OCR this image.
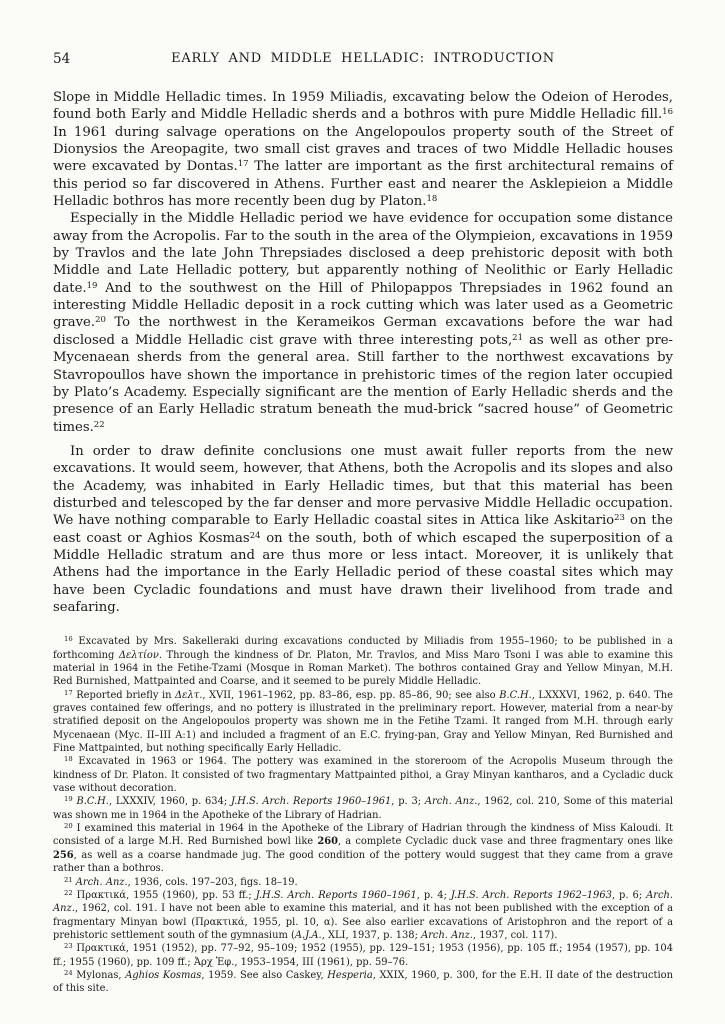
54	EARLY AND MIDDLE HELLADIC: INTRODUCTION

Slope in Middle Helladic times. In 1959 Miliadis, excavating below the Odeion of Herodes, found both Early and Middle Helladic sherds and a bothros with pure Middle Helladic fill.$^{16}$ In 1961 during salvage operations on the Angelopoulos property south of the Street of Dionysios the Areopagite, two small cist graves and traces of two Middle Helladic houses were excavated by Dontas.$^{17}$ The latter are important as the first architectural remains of this period so far discovered in Athens. Further east and nearer the Asklepieion a Middle Helladic bothros has more recently been dug by Platon.$^{18}$

Especially in the Middle Helladic period we have evidence for occupation some distance away from the Acropolis. Far to the south in the area of the Olympieion, excavations in 1959 by Travlos and the late John Threpsiades disclosed a deep prehistoric deposit with both Middle and Late Helladic pottery, but apparently nothing of Neolithic or Early Helladic date.$^{19}$ And to the southwest on the Hill of Philopappos Threpsiades in 1962 found an interesting Middle Helladic deposit in a rock cutting which was later used as a Geometric grave.$^{20}$ To the northwest in the Kerameikos German excavations before the war had disclosed a Middle Helladic cist grave with three interesting pots,$^{21}$ as well as other pre-Mycenaean sherds from the general area. Still farther to the northwest excavations by Stavropoullos have shown the importance in prehistoric times of the region later occupied by Plato’s Academy. Especially significant are the mention of Early Helladic sherds and the presence of an Early Helladic stratum beneath the mud-brick “sacred house” of Geometric times.$^{22}$

In order to draw definite conclusions one must await fuller reports from the new excavations. It would seem, however, that Athens, both the Acropolis and its slopes and also the Academy, was inhabited in Early Helladic times, but that this material has been disturbed and telescoped by the far denser and more pervasive Middle Helladic occupation. We have nothing comparable to Early Helladic coastal sites in Attica like Askitario$^{23}$ on the east coast or Aghios Kosmas$^{24}$ on the south, both of which escaped the superposition of a Middle Helladic stratum and are thus more or less intact. Moreover, it is unlikely that Athens had the importance in the Early Helladic period of these coastal sites which may have been Cycladic foundations and must have drawn their livelihood from trade and seafaring.

$^{16}$ Excavated by Mrs. Sakelleraki during excavations conducted by Miliadis from 1955–1960; to be published in a forthcoming Δελτίον. Through the kindness of Dr. Platon, Mr. Travlos, and Miss Maro Tsoni I was able to examine this material in 1964 in the Fetihe-Tzami (Mosque in Roman Market). The bothros contained Gray and Yellow Minyan, M.H. Red Burnished, Mattpainted and Coarse, and it seemed to be purely Middle Helladic.

$^{17}$ Reported briefly in Δελτ., XVII, 1961–1962, pp. 83–86, esp. pp. 85–86, 90; see also B.C.H., LXXXVI, 1962, p. 640. The graves contained few offerings, and no pottery is illustrated in the preliminary report. However, material from a near-by stratified deposit on the Angelopoulos property was shown me in the Fetihe Tzami. It ranged from M.H. through early Mycenaean (Myc. II–III A:1) and included a fragment of an E.C. frying-pan, Gray and Yellow Minyan, Red Burnished and Fine Mattpainted, but nothing specifically Early Helladic.

$^{18}$ Excavated in 1963 or 1964. The pottery was examined in the storeroom of the Acropolis Museum through the kindness of Dr. Platon. It consisted of two fragmentary Mattpainted pithoi, a Gray Minyan kantharos, and a Cycladic duck vase without decoration.

$^{19}$ B.C.H., LXXXIV, 1960, p. 634; J.H.S. Arch. Reports 1960–1961, p. 3; Arch. Anz., 1962, col. 210, Some of this material was shown me in 1964 in the Apotheke of the Library of Hadrian.

$^{20}$ I examined this material in 1964 in the Apotheke of the Library of Hadrian through the kindness of Miss Kaloudi. It consisted of a large M.H. Red Burnished bowl like 260, a complete Cycladic duck vase and three fragmentary ones like 256, as well as a coarse handmade jug. The good condition of the pottery would suggest that they came from a grave rather than a bothros.

$^{21}$ Arch. Anz., 1936, cols. 197–203, figs. 18–19.

$^{22}$ Πρακτικά, 1955 (1960), pp. 53 ff.; J.H.S. Arch. Reports 1960–1961, p. 4; J.H.S. Arch. Reports 1962–1963, p. 6; Arch. Anz., 1962, col. 191. I have not been able to examine this material, and it has not been published with the exception of a fragmentary Minyan bowl (Πρακτικά, 1955, pl. 10, α). See also earlier excavations of Aristophron and the report of a prehistoric settlement south of the gymnasium (A.J.A., XLI, 1937, p. 138; Arch. Anz., 1937, col. 117).

$^{23}$ Πρακτικά, 1951 (1952), pp. 77–92, 95–109; 1952 (1955), pp. 129–151; 1953 (1956), pp. 105 ff.; 1954 (1957), pp. 104 ff.; 1955 (1960), pp. 109 ff.; Ἀρχ Ἐφ., 1953–1954, III (1961), pp. 59–76.

$^{24}$ Mylonas, Aghios Kosmas, 1959. See also Caskey, Hesperia, XXIX, 1960, p. 300, for the E.H. II date of the destruction of this site.
